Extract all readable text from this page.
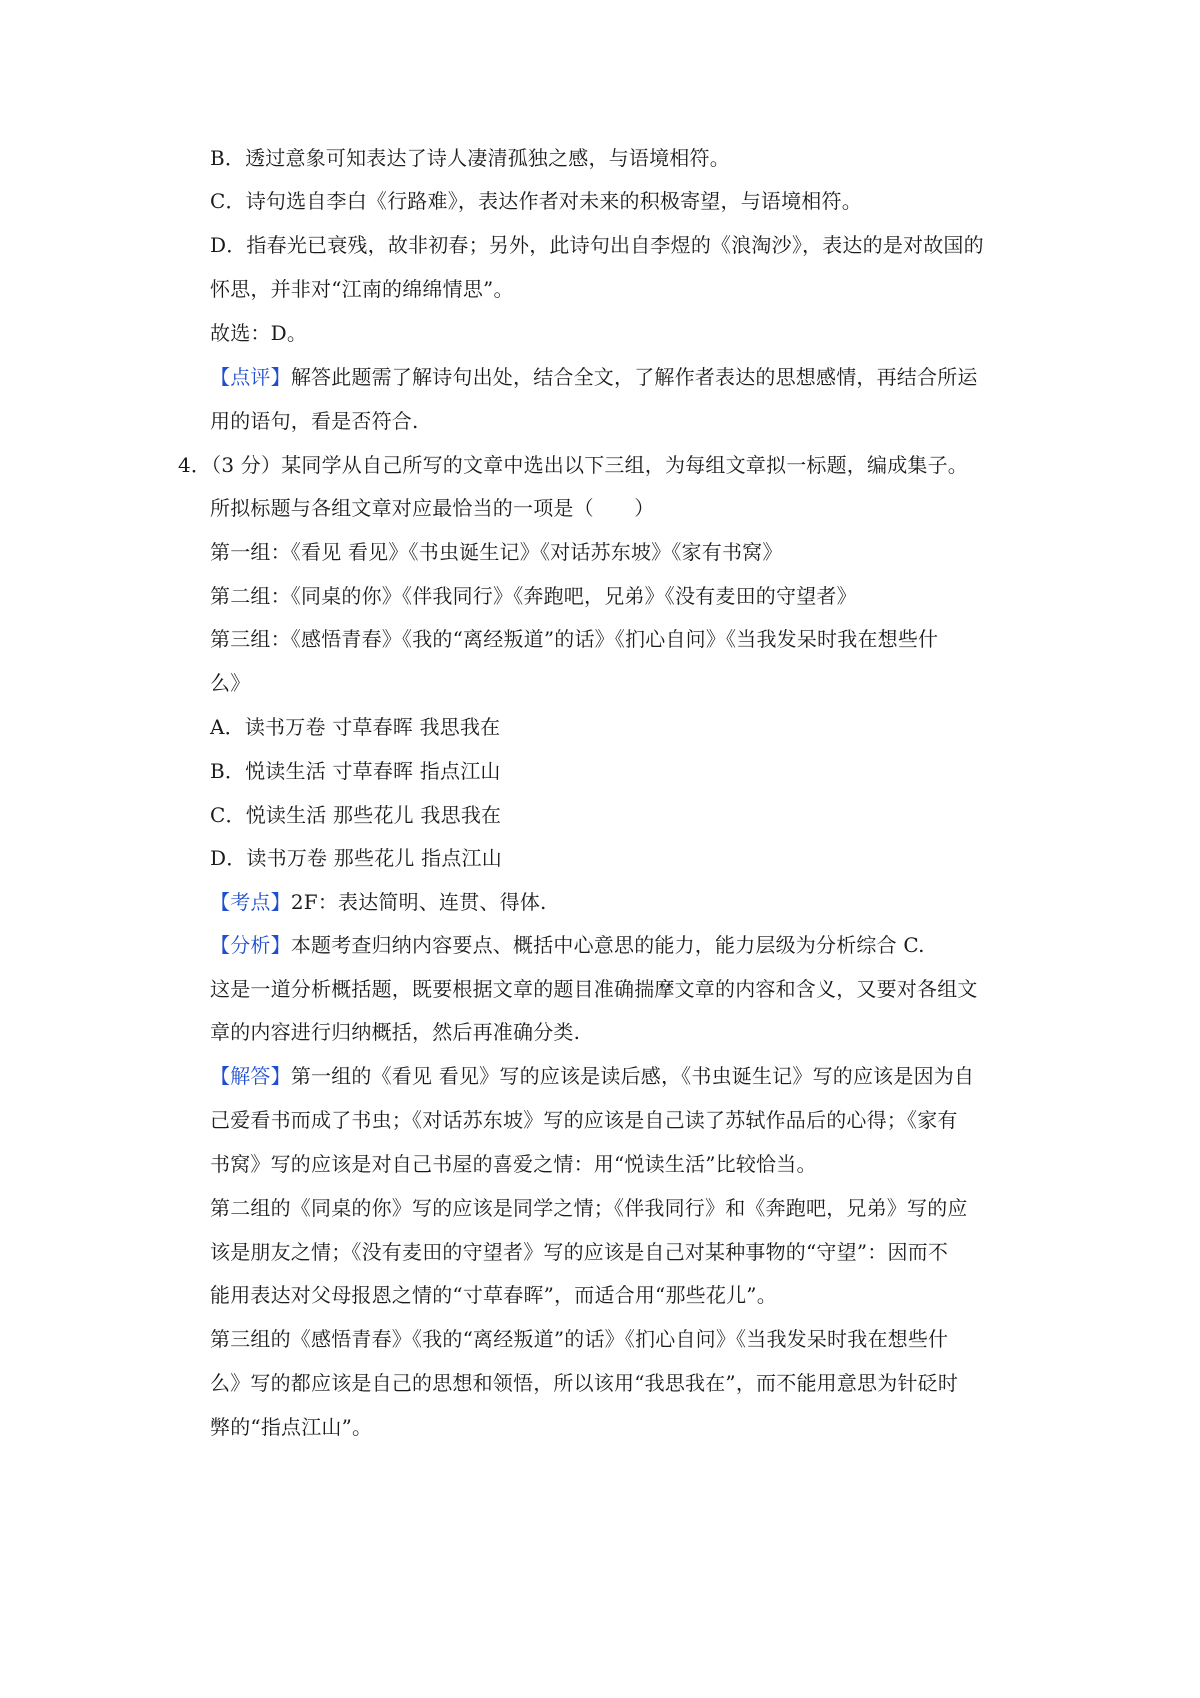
B．透过意象可知表达了诗人凄清孤独之感，与语境相符。
C．诗句选自李白《行路难》，表达作者对未来的积极寄望，与语境相符。
D．指春光已衰残，故非初春；另外，此诗句出自李煜的《浪淘沙》，表达的是对故国的
怀思，并非对“江南的绵绵情思”。
故选：D。
【点评】解答此题需了解诗句出处，结合全文，了解作者表达的思想感情，再结合所运
用的语句，看是否符合.
4．（3 分）某同学从自己所写的文章中选出以下三组，为每组文章拟一标题，编成集子。
所拟标题与各组文章对应最恰当的一项是（　　）
第一组：《看见 看见》《书虫诞生记》《对话苏东坡》《家有书窝》
第二组：《同桌的你》《伴我同行》《奔跑吧，兄弟》《没有麦田的守望者》
第三组：《感悟青春》《我的“离经叛道”的话》《扪心自问》《当我发呆时我在想些什
么》
A．读书万卷 寸草春晖 我思我在
B．悦读生活 寸草春晖 指点江山
C．悦读生活 那些花儿 我思我在
D．读书万卷 那些花儿 指点江山
【考点】2F：表达简明、连贯、得体.
【分析】本题考查归纳内容要点、概括中心意思的能力，能力层级为分析综合 C.
这是一道分析概括题，既要根据文章的题目准确揣摩文章的内容和含义，又要对各组文
章的内容进行归纳概括，然后再准确分类.
【解答】第一组的《看见 看见》写的应该是读后感，《书虫诞生记》写的应该是因为自
己爱看书而成了书虫；《对话苏东坡》写的应该是自己读了苏轼作品后的心得；《家有
书窝》写的应该是对自己书屋的喜爱之情：用“悦读生活”比较恰当。
第二组的《同桌的你》写的应该是同学之情；《伴我同行》和《奔跑吧，兄弟》写的应
该是朋友之情；《没有麦田的守望者》写的应该是自己对某种事物的“守望”：因而不
能用表达对父母报恩之情的“寸草春晖”，而适合用“那些花儿”。
第三组的《感悟青春》《我的“离经叛道”的话》《扪心自问》《当我发呆时我在想些什
么》写的都应该是自己的思想和领悟，所以该用“我思我在”，而不能用意思为针砭时
弊的“指点江山”。
